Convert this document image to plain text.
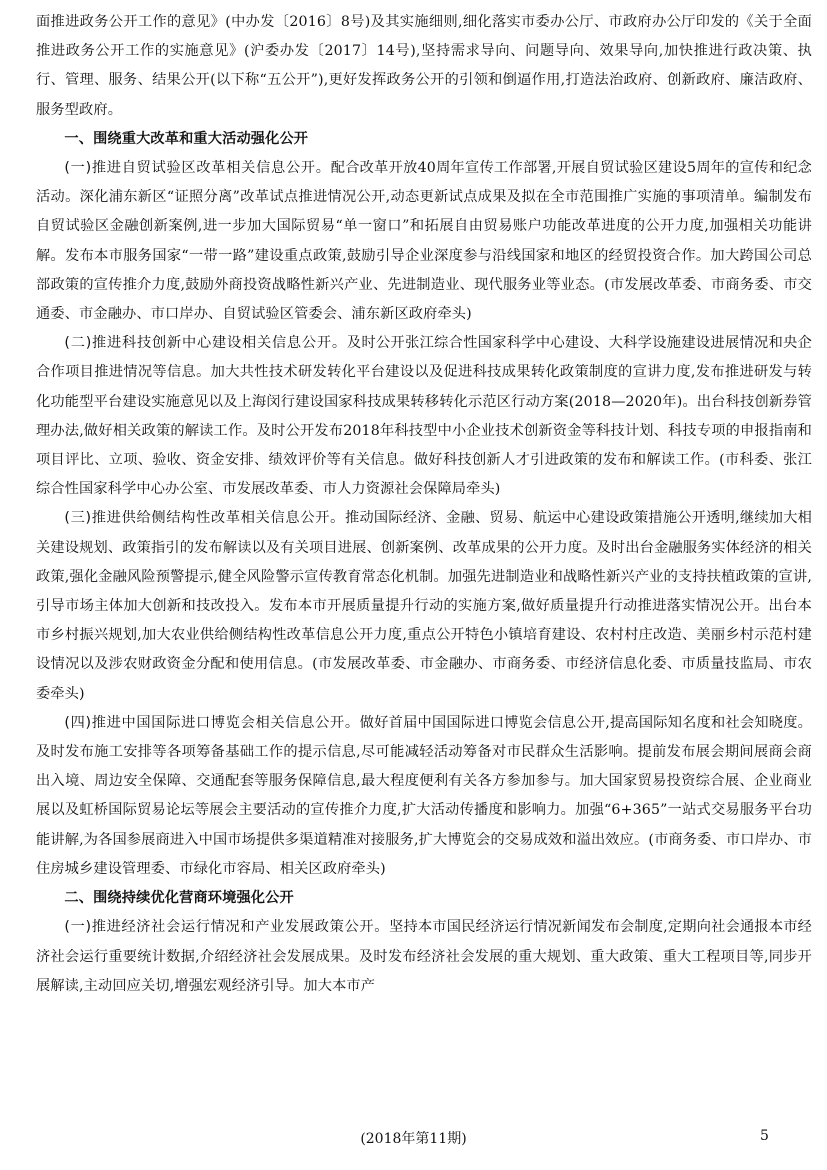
面推进政务公开工作的意见》(中办发〔2016〕8号)及其实施细则,细化落实市委办公厅、市政府办公厅印发的《关于全面推进政务公开工作的实施意见》(沪委办发〔2017〕14号),坚持需求导向、问题导向、效果导向,加快推进行政决策、执行、管理、服务、结果公开(以下称“五公开”),更好发挥政务公开的引领和倒逼作用,打造法治政府、创新政府、廉洁政府、服务型政府。

一、围绕重大改革和重大活动强化公开

(一)推进自贸试验区改革相关信息公开。配合改革开放40周年宣传工作部署,开展自贸试验区建设5周年的宣传和纪念活动。深化浦东新区“证照分离”改革试点推进情况公开,动态更新试点成果及拟在全市范围推广实施的事项清单。编制发布自贸试验区金融创新案例,进一步加大国际贸易“单一窗口”和拓展自由贸易账户功能改革进度的公开力度,加强相关功能讲解。发布本市服务国家“一带一路”建设重点政策,鼓励引导企业深度参与沿线国家和地区的经贸投资合作。加大跨国公司总部政策的宣传推介力度,鼓励外商投资战略性新兴产业、先进制造业、现代服务业等业态。(市发展改革委、市商务委、市交通委、市金融办、市口岸办、自贸试验区管委会、浦东新区政府牵头)

(二)推进科技创新中心建设相关信息公开。及时公开张江综合性国家科学中心建设、大科学设施建设进展情况和央企合作项目推进情况等信息。加大共性技术研发转化平台建设以及促进科技成果转化政策制度的宣讲力度,发布推进研发与转化功能型平台建设实施意见以及上海闵行建设国家科技成果转移转化示范区行动方案(2018—2020年)。出台科技创新券管理办法,做好相关政策的解读工作。及时公开发布2018年科技型中小企业技术创新资金等科技计划、科技专项的申报指南和项目评比、立项、验收、资金安排、绩效评价等有关信息。做好科技创新人才引进政策的发布和解读工作。(市科委、张江综合性国家科学中心办公室、市发展改革委、市人力资源社会保障局牵头)

(三)推进供给侧结构性改革相关信息公开。推动国际经济、金融、贸易、航运中心建设政策措施公开透明,继续加大相关建设规划、政策指引的发布解读以及有关项目进展、创新案例、改革成果的公开力度。及时出台金融服务实体经济的相关政策,强化金融风险预警提示,健全风险警示宣传教育常态化机制。加强先进制造业和战略性新兴产业的支持扶植政策的宣讲,引导市场主体加大创新和技改投入。发布本市开展质量提升行动的实施方案,做好质量提升行动推进落实情况公开。出台本市乡村振兴规划,加大农业供给侧结构性改革信息公开力度,重点公开特色小镇培育建设、农村村庄改造、美丽乡村示范村建设情况以及涉农财政资金分配和使用信息。(市发展改革委、市金融办、市商务委、市经济信息化委、市质量技监局、市农委牵头)

(四)推进中国国际进口博览会相关信息公开。做好首届中国国际进口博览会信息公开,提高国际知名度和社会知晓度。及时发布施工安排等各项筹备基础工作的提示信息,尽可能减轻活动筹备对市民群众生活影响。提前发布展会期间展商会商出入境、周边安全保障、交通配套等服务保障信息,最大程度便利有关各方参加参与。加大国家贸易投资综合展、企业商业展以及虹桥国际贸易论坛等展会主要活动的宣传推介力度,扩大活动传播度和影响力。加强“6+365”一站式交易服务平台功能讲解,为各国参展商进入中国市场提供多渠道精准对接服务,扩大博览会的交易成效和溢出效应。(市商务委、市口岸办、市住房城乡建设管理委、市绿化市容局、相关区政府牵头)

二、围绕持续优化营商环境强化公开

(一)推进经济社会运行情况和产业发展政策公开。坚持本市国民经济运行情况新闻发布会制度,定期向社会通报本市经济社会运行重要统计数据,介绍经济社会发展成果。及时发布经济社会发展的重大规划、重大政策、重大工程项目等,同步开展解读,主动回应关切,增强宏观经济引导。加大本市产

(2018年第11期)	5
